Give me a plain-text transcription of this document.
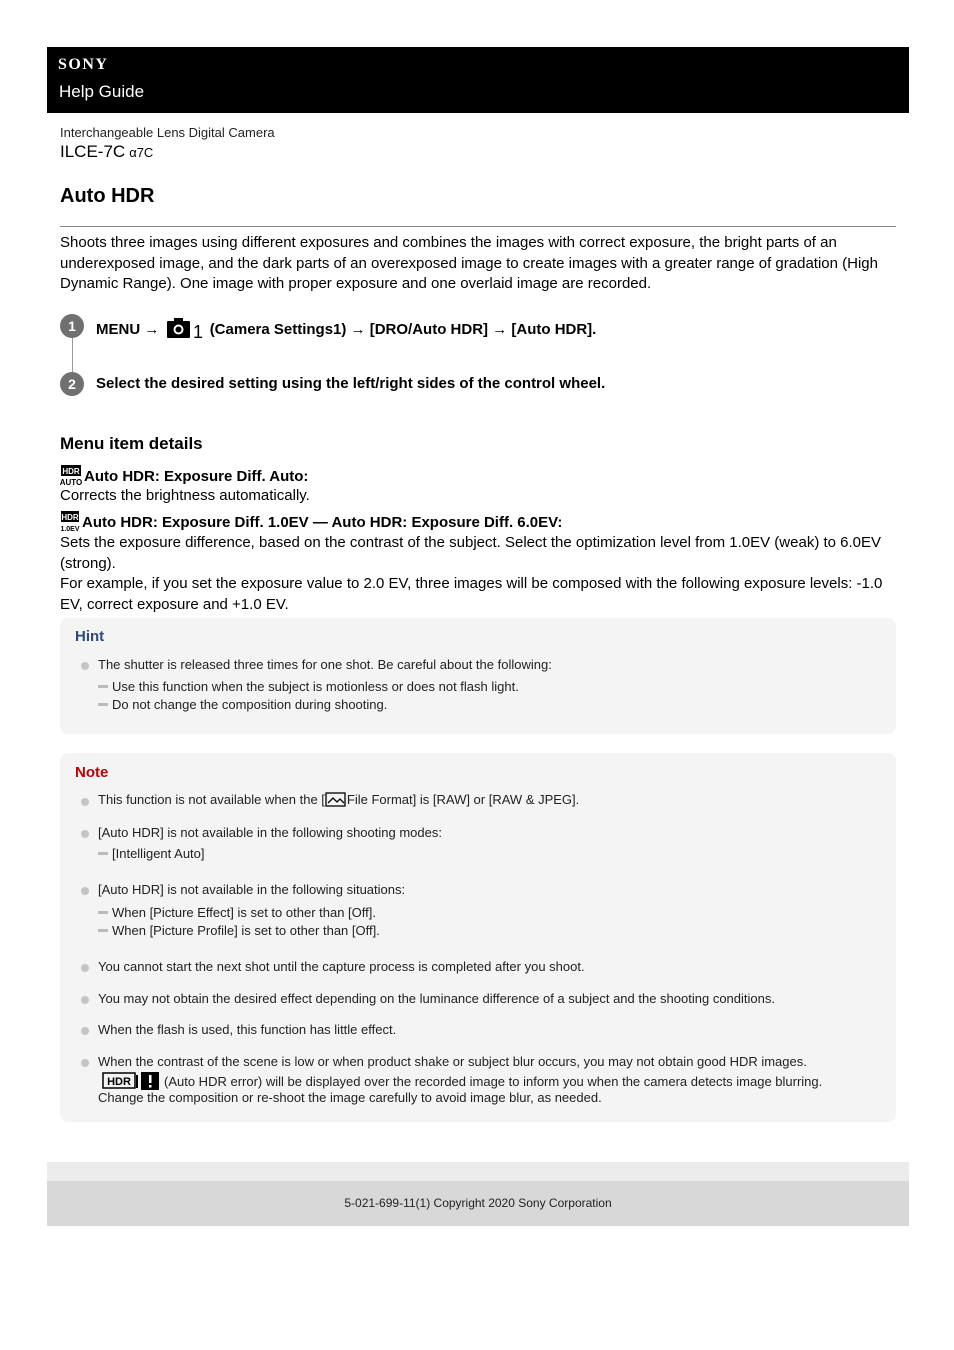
SONY
Help Guide
Interchangeable Lens Digital Camera
ILCE-7C α7C
Auto HDR
Shoots three images using different exposures and combines the images with correct exposure, the bright parts of an underexposed image, and the dark parts of an overexposed image to create images with a greater range of gradation (High Dynamic Range). One image with proper exposure and one overlaid image are recorded.
1	MENU → 1 (Camera Settings1) → [DRO/Auto HDR] → [Auto HDR].
2	Select the desired setting using the left/right sides of the control wheel.
Menu item details
HDR
AUTO Auto HDR: Exposure Diff. Auto:
Corrects the brightness automatically.
HDR
1.0EV Auto HDR: Exposure Diff. 1.0EV — Auto HDR: Exposure Diff. 6.0EV:
Sets the exposure difference, based on the contrast of the subject. Select the optimization level from 1.0EV (weak) to 6.0EV (strong).
For example, if you set the exposure value to 2.0 EV, three images will be composed with the following exposure levels: -1.0 EV, correct exposure and +1.0 EV.
Hint
The shutter is released three times for one shot. Be careful about the following:
Use this function when the subject is motionless or does not flash light.
Do not change the composition during shooting.
Note
This function is not available when the [ File Format] is [RAW] or [RAW & JPEG].
[Auto HDR] is not available in the following shooting modes:
[Intelligent Auto]
[Auto HDR] is not available in the following situations:
When [Picture Effect] is set to other than [Off].
When [Picture Profile] is set to other than [Off].
You cannot start the next shot until the capture process is completed after you shoot.
You may not obtain the desired effect depending on the luminance difference of a subject and the shooting conditions.
When the flash is used, this function has little effect.
When the contrast of the scene is low or when product shake or subject blur occurs, you may not obtain good HDR images.
HDR	(Auto HDR error) will be displayed over the recorded image to inform you when the camera detects image blurring.
Change the composition or re-shoot the image carefully to avoid image blur, as needed.
5-021-699-11(1) Copyright 2020 Sony Corporation
